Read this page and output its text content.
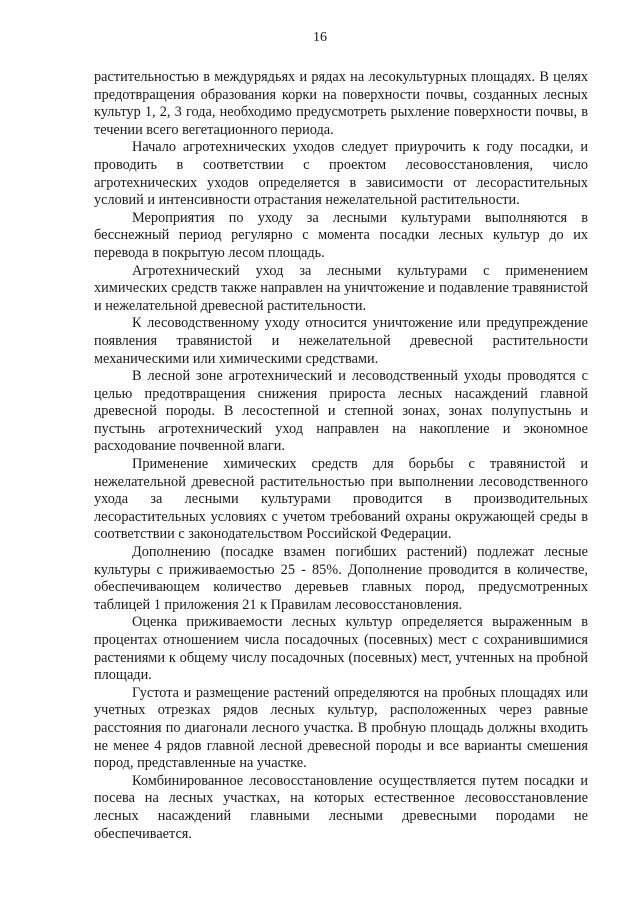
16

растительностью в междурядьях и рядах на лесокультурных площадях. В целях предотвращения образования корки на поверхности почвы, созданных лесных культур 1, 2, 3 года, необходимо предусмотреть рыхление поверхности почвы, в течении всего вегетационного периода.

Начало агротехнических уходов следует приурочить к году посадки, и проводить в соответствии с проектом лесовосстановления, число агротехнических уходов определяется в зависимости от лесорастительных условий и интенсивности отрастания нежелательной растительности.

Мероприятия по уходу за лесными культурами выполняются в бесснежный период регулярно с момента посадки лесных культур до их перевода в покрытую лесом площадь.

Агротехнический уход за лесными культурами с применением химических средств также направлен на уничтожение и подавление травянистой и нежелательной древесной растительности.

К лесоводственному уходу относится уничтожение или предупреждение появления травянистой и нежелательной древесной растительности механическими или химическими средствами.

В лесной зоне агротехнический и лесоводственный уходы проводятся с целью предотвращения снижения прироста лесных насаждений главной древесной породы. В лесостепной и степной зонах, зонах полупустынь и пустынь агротехнический уход направлен на накопление и экономное расходование почвенной влаги.

Применение химических средств для борьбы с травянистой и нежелательной древесной растительностью при выполнении лесоводственного ухода за лесными культурами проводится в производительных лесорастительных условиях с учетом требований охраны окружающей среды в соответствии с законодательством Российской Федерации.

Дополнению (посадке взамен погибших растений) подлежат лесные культуры с приживаемостью 25 - 85%. Дополнение проводится в количестве, обеспечивающем количество деревьев главных пород, предусмотренных таблицей 1 приложения 21 к Правилам лесовосстановления.

Оценка приживаемости лесных культур определяется выраженным в процентах отношением числа посадочных (посевных) мест с сохранившимися растениями к общему числу посадочных (посевных) мест, учтенных на пробной площади.

Густота и размещение растений определяются на пробных площадях или учетных отрезках рядов лесных культур, расположенных через равные расстояния по диагонали лесного участка. В пробную площадь должны входить не менее 4 рядов главной лесной древесной породы и все варианты смешения пород, представленные на участке.

Комбинированное лесовосстановление осуществляется путем посадки и посева на лесных участках, на которых естественное лесовосстановление лесных насаждений главными лесными древесными породами не обеспечивается.
